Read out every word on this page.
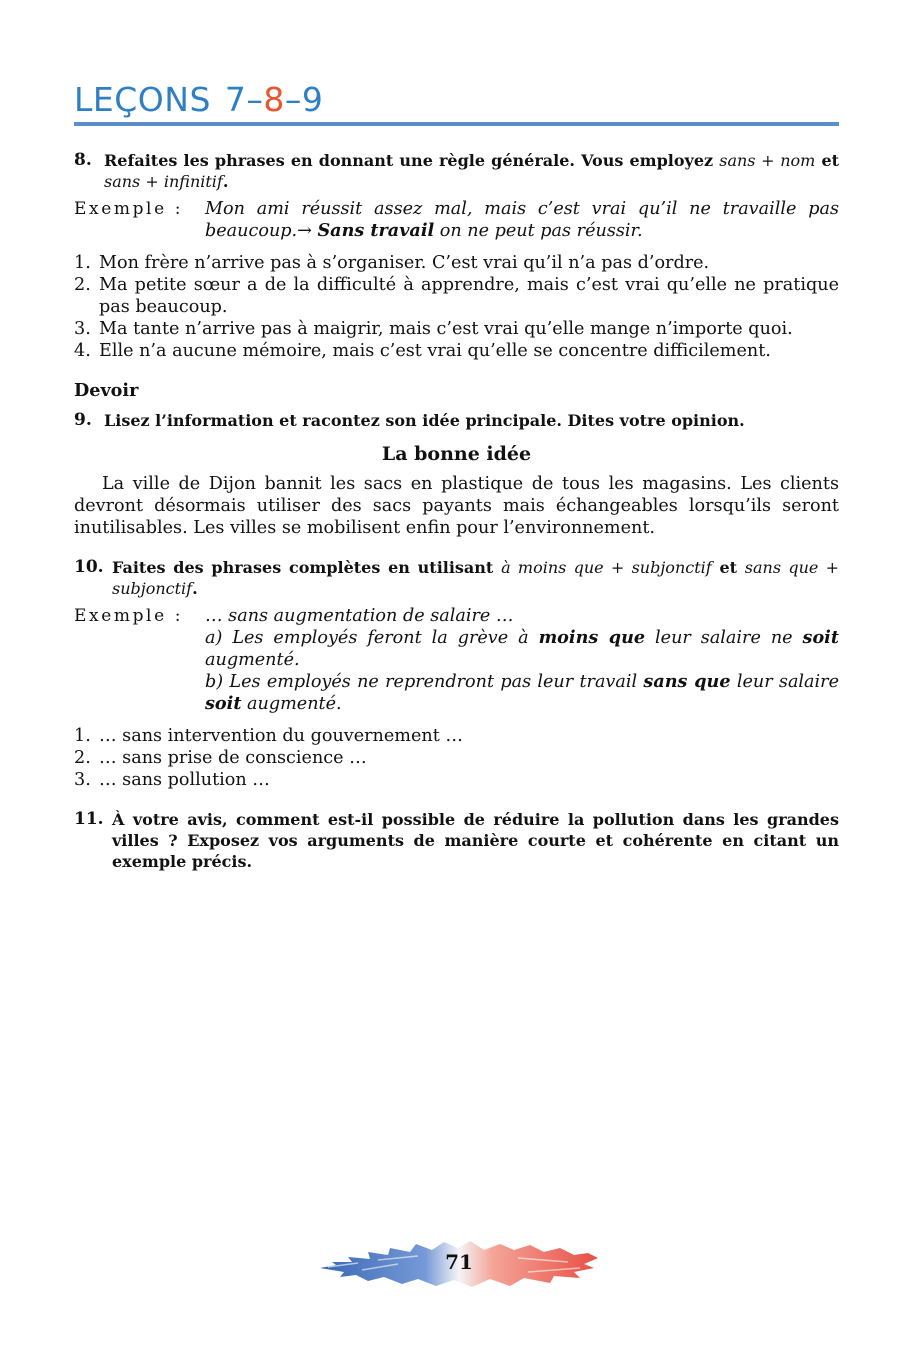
LEÇONS 7–8–9
8. Refaites les phrases en donnant une règle générale. Vous employez sans + nom et sans + infinitif.
Exemple :	Mon ami réussit assez mal, mais c’est vrai qu’il ne travaille pas beaucoup.→ Sans travail on ne peut pas réussir.
1. Mon frère n’arrive pas à s’organiser. C’est vrai qu’il n’a pas d’ordre.
2. Ma petite sœur a de la difficulté à apprendre, mais c’est vrai qu’elle ne pratique pas beaucoup.
3. Ma tante n’arrive pas à maigrir, mais c’est vrai qu’elle mange n’importe quoi.
4. Elle n’a aucune mémoire, mais c’est vrai qu’elle se concentre difficilement.
Devoir
9. Lisez l’information et racontez son idée principale. Dites votre opinion.
La bonne idée
La ville de Dijon bannit les sacs en plastique de tous les magasins. Les clients devront désormais utiliser des sacs payants mais échangeables lorsqu’ils seront inutilisables. Les villes se mobilisent enfin pour l’environnement.
10. Faites des phrases complètes en utilisant à moins que + subjonctif et sans que + subjonctif.
Exemple :	… sans augmentation de salaire …
a) Les employés feront la grève à moins que leur salaire ne soit augmenté.
b) Les employés ne reprendront pas leur travail sans que leur salaire soit augmenté.
1. … sans intervention du gouvernement …
2. … sans prise de conscience …
3. … sans pollution …
11. À votre avis, comment est-il possible de réduire la pollution dans les grandes villes ? Exposez vos arguments de manière courte et cohérente en citant un exemple précis.
71
